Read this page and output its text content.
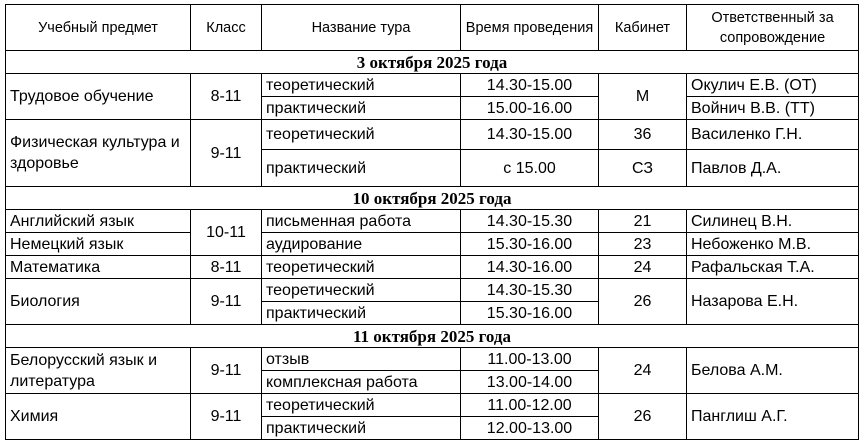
Учебный предмет	Класс	Название тура	Время проведения	Кабинет	Ответственный за сопровождение
3 октября 2025 года					
Трудовое обучение	8-11	теоретический	14.30-15.00	М	Окулич Е.В. (ОТ)
		практический	15.00-16.00		Войнич В.В. (ТТ)
Физическая культура и здоровье	9-11	теоретический	14.30-15.00	36	Василенко Г.Н.
		практический	с 15.00	СЗ	Павлов Д.А.
10 октября 2025 года					
Английский язык	10-11	письменная работа	14.30-15.30	21	Силинец В.Н.
Немецкий язык		аудирование	15.30-16.00	23	Небоженко М.В.
Математика	8-11	теоретический	14.30-16.00	24	Рафальская Т.А.
Биология	9-11	теоретический	14.30-15.30	26	Назарова Е.Н.
		практический	15.30-16.00		
11 октября 2025 года					
Белорусский язык и литература	9-11	отзыв	11.00-13.00	24	Белова А.М.
		комплексная работа	13.00-14.00		
Химия	9-11	теоретический	11.00-12.00	26	Панглиш А.Г.
		практический	12.00-13.00		
